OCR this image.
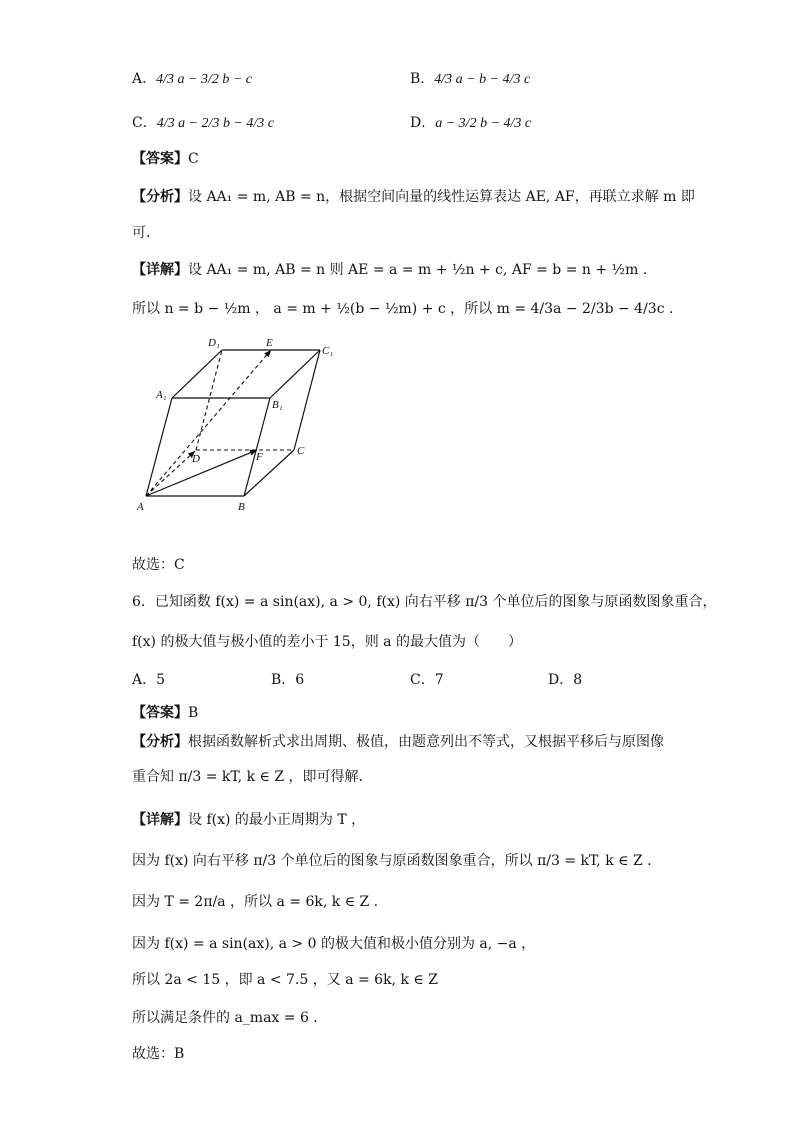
A．4/3 a − 3/2 b − c	B．4/3 a − b − 4/3 c
C．4/3 a − 2/3 b − 4/3 c	D．a − 3/2 b − 4/3 c
【答案】C
【分析】设 AA₁ = m, AB = n，根据空间向量的线性运算表达 AE, AF，再联立求解 m 即
可.
【详解】设 AA₁ = m, AB = n 则 AE = a = m + ½n + c, AF = b = n + ½m .
所以 n = b − ½m ， a = m + ½(b − ½m) + c ，所以 m = 4/3a − 2/3b − 4/3c .
D₁	E
C₁
A₁
B₁
D	F	C
A	B
故选：C
6．已知函数 f(x) = a sin(ax), a > 0, f(x) 向右平移 π/3 个单位后的图象与原函数图象重合，
f(x) 的极大值与极小值的差小于 15，则 a 的最大值为（　　）
A．5	B．6	C．7	D．8
【答案】B
【分析】根据函数解析式求出周期、极值，由题意列出不等式，又根据平移后与原图像
重合知 π/3 = kT, k ∈ Z ，即可得解.
【详解】设 f(x) 的最小正周期为 T ，
因为 f(x) 向右平移 π/3 个单位后的图象与原函数图象重合，所以 π/3 = kT, k ∈ Z .
因为 T = 2π/a ，所以 a = 6k, k ∈ Z .
因为 f(x) = a sin(ax), a > 0 的极大值和极小值分别为 a, −a ，
所以 2a < 15 ，即 a < 7.5 ，又 a = 6k, k ∈ Z
所以满足条件的 a_max = 6 .
故选：B
